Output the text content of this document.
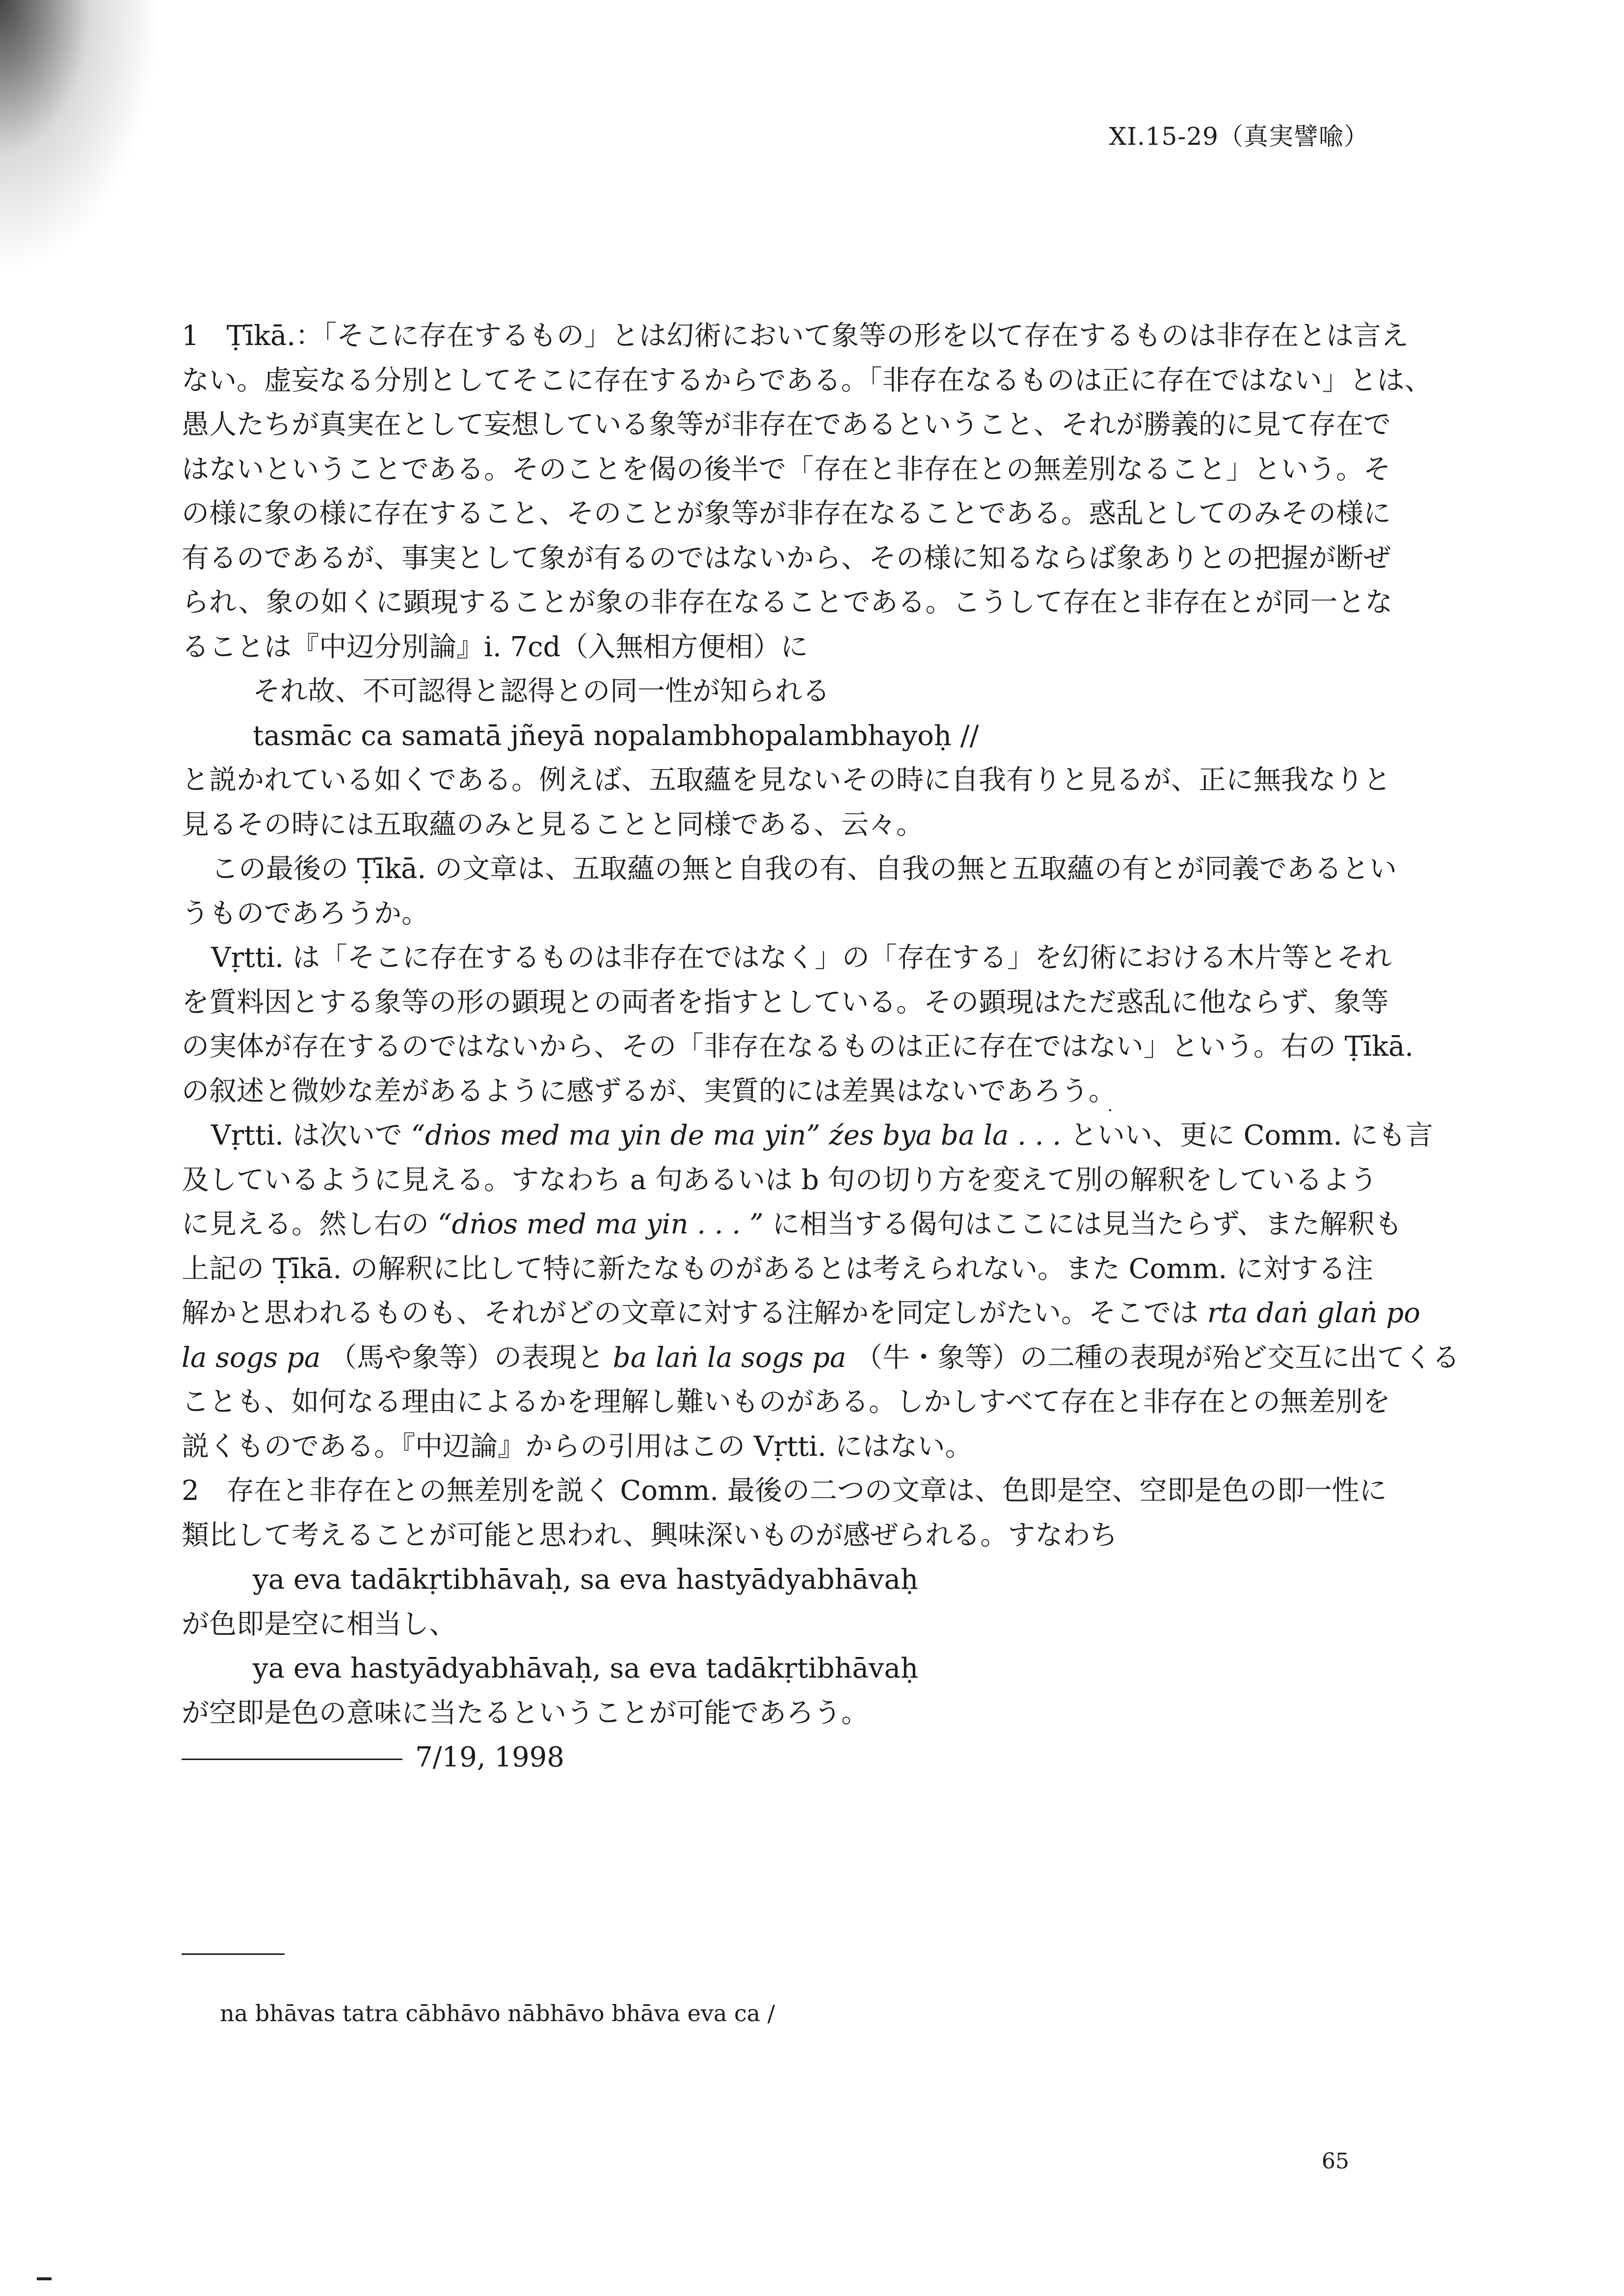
XI.15-29（真実譬喩）
1　Ṭīkā.：「そこに存在するもの」とは幻術において象等の形を以て存在するものは非存在とは言え
ない。虚妄なる分別としてそこに存在するからである。「非存在なるものは正に存在ではない」とは、
愚人たちが真実在として妄想している象等が非存在であるということ、それが勝義的に見て存在で
はないということである。そのことを偈の後半で「存在と非存在との無差別なること」という。そ
の様に象の様に存在すること、そのことが象等が非存在なることである。惑乱としてのみその様に
有るのであるが、事実として象が有るのではないから、その様に知るならば象ありとの把握が断ぜ
られ、象の如くに顕現することが象の非存在なることである。こうして存在と非存在とが同一とな
ることは『中辺分別論』i. 7cd（入無相方便相）に
それ故、不可認得と認得との同一性が知られる
tasmāc ca samatā jñeyā nopalambhopalambhayoḥ //
と説かれている如くである。例えば、五取蘊を見ないその時に自我有りと見るが、正に無我なりと
見るその時には五取蘊のみと見ることと同様である、云々。
この最後の Ṭīkā. の文章は、五取蘊の無と自我の有、自我の無と五取蘊の有とが同義であるとい
うものであろうか。
Vṛtti. は「そこに存在するものは非存在ではなく」の「存在する」を幻術における木片等とそれ
を質料因とする象等の形の顕現との両者を指すとしている。その顕現はただ惑乱に他ならず、象等
の実体が存在するのではないから、その「非存在なるものは正に存在ではない」という。右の Ṭīkā.
の叙述と微妙な差があるように感ずるが、実質的には差異はないであろう。
Vṛtti. は次いで “dṅos med ma yin de ma yin” źes bya ba la . . . といい、更に Comm. にも言
及しているように見える。すなわち a 句あるいは b 句の切り方を変えて別の解釈をしているよう
に見える。然し右の “dṅos med ma yin . . . ” に相当する偈句はここには見当たらず、また解釈も
上記の Ṭīkā. の解釈に比して特に新たなものがあるとは考えられない。また Comm. に対する注
解かと思われるものも、それがどの文章に対する注解かを同定しがたい。そこでは rta daṅ glaṅ po
la sogs pa （馬や象等）の表現と ba laṅ la sogs pa （牛・象等）の二種の表現が殆ど交互に出てくる
ことも、如何なる理由によるかを理解し難いものがある。しかしすべて存在と非存在との無差別を
説くものである。『中辺論』からの引用はこの Vṛtti. にはない。
2　存在と非存在との無差別を説く Comm. 最後の二つの文章は、色即是空、空即是色の即一性に
類比して考えることが可能と思われ、興味深いものが感ぜられる。すなわち
ya eva tadākṛtibhāvaḥ, sa eva hastyādyabhāvaḥ
が色即是空に相当し、
ya eva hastyādyabhāvaḥ, sa eva tadākṛtibhāvaḥ
が空即是色の意味に当たるということが可能であろう。
7/19, 1998
na bhāvas tatra cābhāvo nābhāvo bhāva eva ca /
65
